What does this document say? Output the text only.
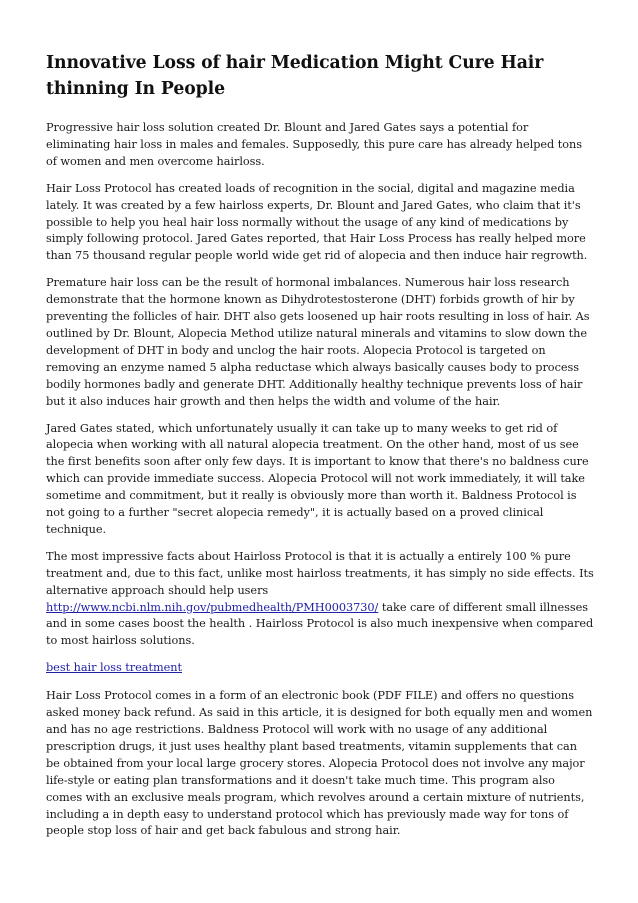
Innovative Loss of hair Medication Might Cure Hair thinning In People

Progressive hair loss solution created Dr. Blount and Jared Gates says a potential for eliminating hair loss in males and females. Supposedly, this pure care has already helped tons of women and men overcome hairloss.

Hair Loss Protocol has created loads of recognition in the social, digital and magazine media lately. It was created by a few hairloss experts, Dr. Blount and Jared Gates, who claim that it's possible to help you heal hair loss normally without the usage of any kind of medications by simply following protocol. Jared Gates reported, that Hair Loss Process has really helped more than 75 thousand regular people world wide get rid of alopecia and then induce hair regrowth.

Premature hair loss can be the result of hormonal imbalances. Numerous hair loss research demonstrate that the hormone known as Dihydrotestosterone (DHT) forbids growth of hir by preventing the follicles of hair. DHT also gets loosened up hair roots resulting in loss of hair. As outlined by Dr. Blount, Alopecia Method utilize natural minerals and vitamins to slow down the development of DHT in body and unclog the hair roots. Alopecia Protocol is targeted on removing an enzyme named 5 alpha reductase which always basically causes body to process bodily hormones badly and generate DHT. Additionally healthy technique prevents loss of hair but it also induces hair growth and then helps the width and volume of the hair.

Jared Gates stated, which unfortunately usually it can take up to many weeks to get rid of alopecia when working with all natural alopecia treatment. On the other hand, most of us see the first benefits soon after only few days. It is important to know that there's no baldness cure which can provide immediate success. Alopecia Protocol will not work immediately, it will take sometime and commitment, but it really is obviously more than worth it. Baldness Protocol is not going to a further "secret alopecia remedy", it is actually based on a proved clinical technique.

The most impressive facts about Hairloss Protocol is that it is actually a entirely 100 % pure treatment and, due to this fact, unlike most hairloss treatments, it has simply no side effects. Its alternative approach should help users http://www.ncbi.nlm.nih.gov/pubmedhealth/PMH0003730/ take care of different small illnesses and in some cases boost the health . Hairloss Protocol is also much inexpensive when compared to most hairloss solutions.

best hair loss treatment

Hair Loss Protocol comes in a form of an electronic book (PDF FILE) and offers no questions asked money back refund. As said in this article, it is designed for both equally men and women and has no age restrictions. Baldness Protocol will work with no usage of any additional prescription drugs, it just uses healthy plant based treatments, vitamin supplements that can be obtained from your local large grocery stores. Alopecia Protocol does not involve any major life-style or eating plan transformations and it doesn't take much time. This program also comes with an exclusive meals program, which revolves around a certain mixture of nutrients, including a in depth easy to understand protocol which has previously made way for tons of people stop loss of hair and get back fabulous and strong hair.
